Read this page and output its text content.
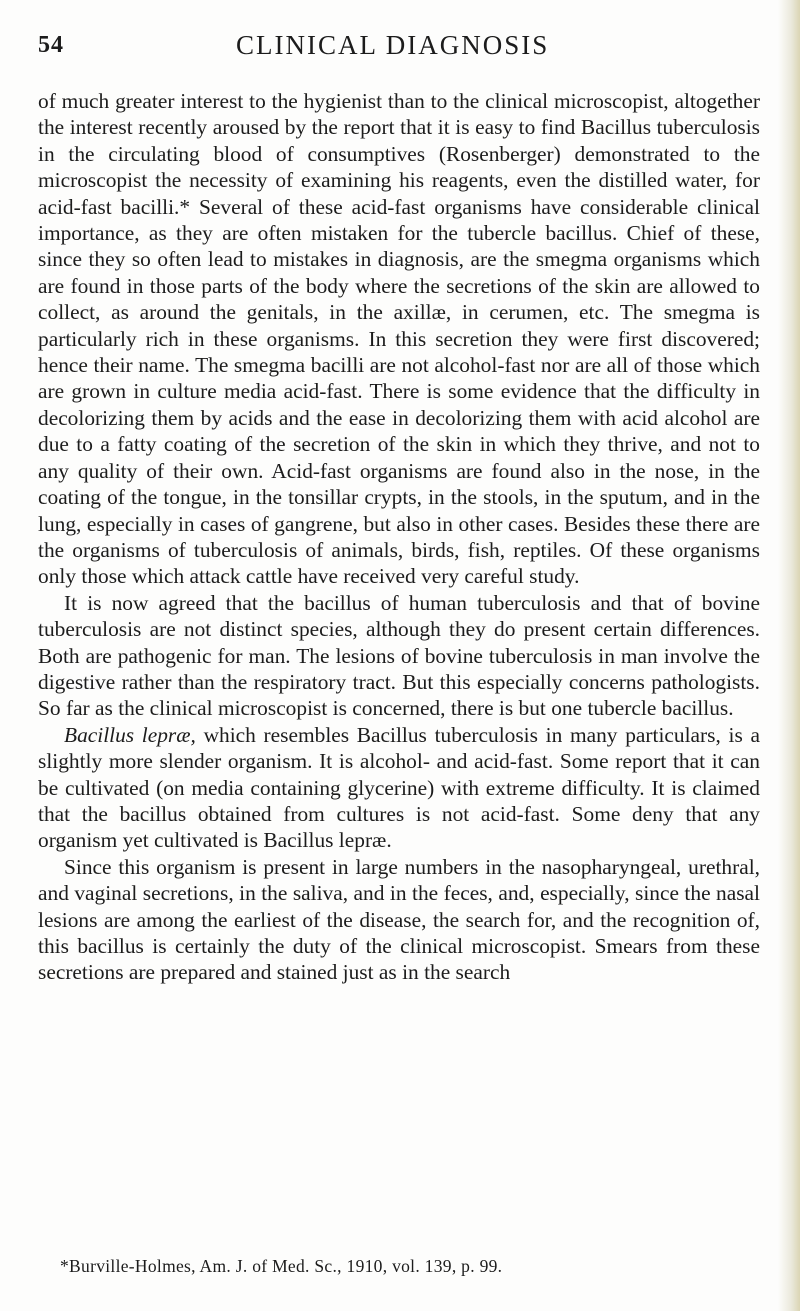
54	CLINICAL DIAGNOSIS

of much greater interest to the hygienist than to the clinical microscopist, altogether the interest recently aroused by the report that it is easy to find Bacillus tuberculosis in the circulating blood of consumptives (Rosenberger) demonstrated to the microscopist the necessity of examining his reagents, even the distilled water, for acid-fast bacilli.* Several of these acid-fast organisms have considerable clinical importance, as they are often mistaken for the tubercle bacillus. Chief of these, since they so often lead to mistakes in diagnosis, are the smegma organisms which are found in those parts of the body where the secretions of the skin are allowed to collect, as around the genitals, in the axillæ, in cerumen, etc. The smegma is particularly rich in these organisms. In this secretion they were first discovered; hence their name. The smegma bacilli are not alcohol-fast nor are all of those which are grown in culture media acid-fast. There is some evidence that the difficulty in decolorizing them by acids and the ease in decolorizing them with acid alcohol are due to a fatty coating of the secretion of the skin in which they thrive, and not to any quality of their own. Acid-fast organisms are found also in the nose, in the coating of the tongue, in the tonsillar crypts, in the stools, in the sputum, and in the lung, especially in cases of gangrene, but also in other cases. Besides these there are the organisms of tuberculosis of animals, birds, fish, reptiles. Of these organisms only those which attack cattle have received very careful study.

It is now agreed that the bacillus of human tuberculosis and that of bovine tuberculosis are not distinct species, although they do present certain differences. Both are pathogenic for man. The lesions of bovine tuberculosis in man involve the digestive rather than the respiratory tract. But this especially concerns pathologists. So far as the clinical microscopist is concerned, there is but one tubercle bacillus.

Bacillus lepræ, which resembles Bacillus tuberculosis in many particulars, is a slightly more slender organism. It is alcohol- and acid-fast. Some report that it can be cultivated (on media containing glycerine) with extreme difficulty. It is claimed that the bacillus obtained from cultures is not acid-fast. Some deny that any organism yet cultivated is Bacillus lepræ.

Since this organism is present in large numbers in the nasopharyngeal, urethral, and vaginal secretions, in the saliva, and in the feces, and, especially, since the nasal lesions are among the earliest of the disease, the search for, and the recognition of, this bacillus is certainly the duty of the clinical microscopist. Smears from these secretions are prepared and stained just as in the search

*Burville-Holmes, Am. J. of Med. Sc., 1910, vol. 139, p. 99.
